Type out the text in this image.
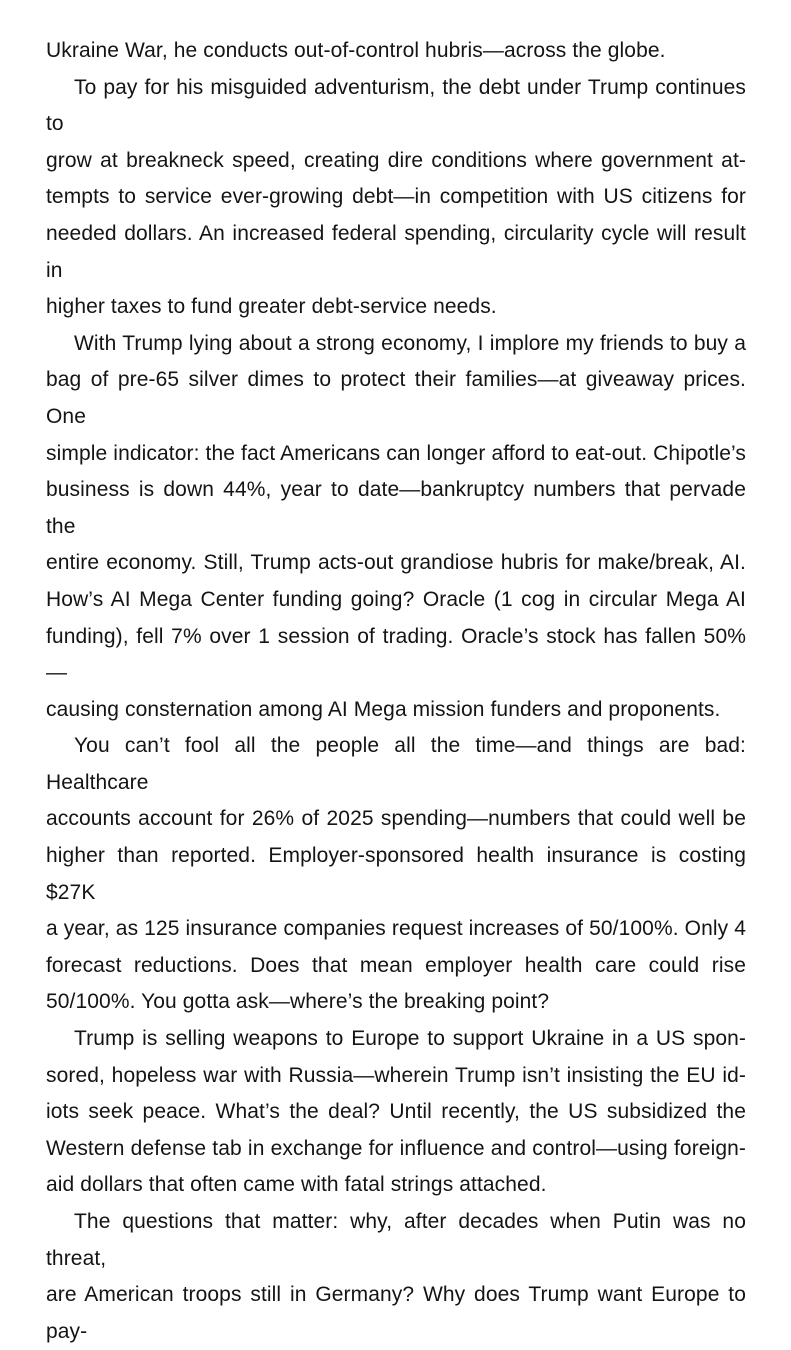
Ukraine War, he conducts out-of-control hubris—across the globe.
To pay for his misguided adventurism, the debt under Trump continues to
grow at breakneck speed, creating dire conditions where government at-
tempts to service ever-growing debt—in competition with US citizens for
needed dollars. An increased federal spending, circularity cycle will result in
higher taxes to fund greater debt-service needs.
With Trump lying about a strong economy, I implore my friends to buy a
bag of pre-65 silver dimes to protect their families—at giveaway prices. One
simple indicator: the fact Americans can longer afford to eat-out. Chipotle’s
business is down 44%, year to date—bankruptcy numbers that pervade the
entire economy. Still, Trump acts-out grandiose hubris for make/break, AI.
How’s AI Mega Center funding going? Oracle (1 cog in circular Mega AI
funding), fell 7% over 1 session of trading. Oracle’s stock has fallen 50%—
causing consternation among AI Mega mission funders and proponents.
You can’t fool all the people all the time—and things are bad: Healthcare
accounts account for 26% of 2025 spending—numbers that could well be
higher than reported. Employer-sponsored health insurance is costing $27K
a year, as 125 insurance companies request increases of 50/100%. Only 4
forecast reductions. Does that mean employer health care could rise
50/100%. You gotta ask—where’s the breaking point?
Trump is selling weapons to Europe to support Ukraine in a US spon-
sored, hopeless war with Russia—wherein Trump isn’t insisting the EU id-
iots seek peace. What’s the deal? Until recently, the US subsidized the
Western defense tab in exchange for influence and control—using foreign-
aid dollars that often came with fatal strings attached.
The questions that matter: why, after decades when Putin was no threat,
are American troops still in Germany? Why does Trump want Europe to pay-
